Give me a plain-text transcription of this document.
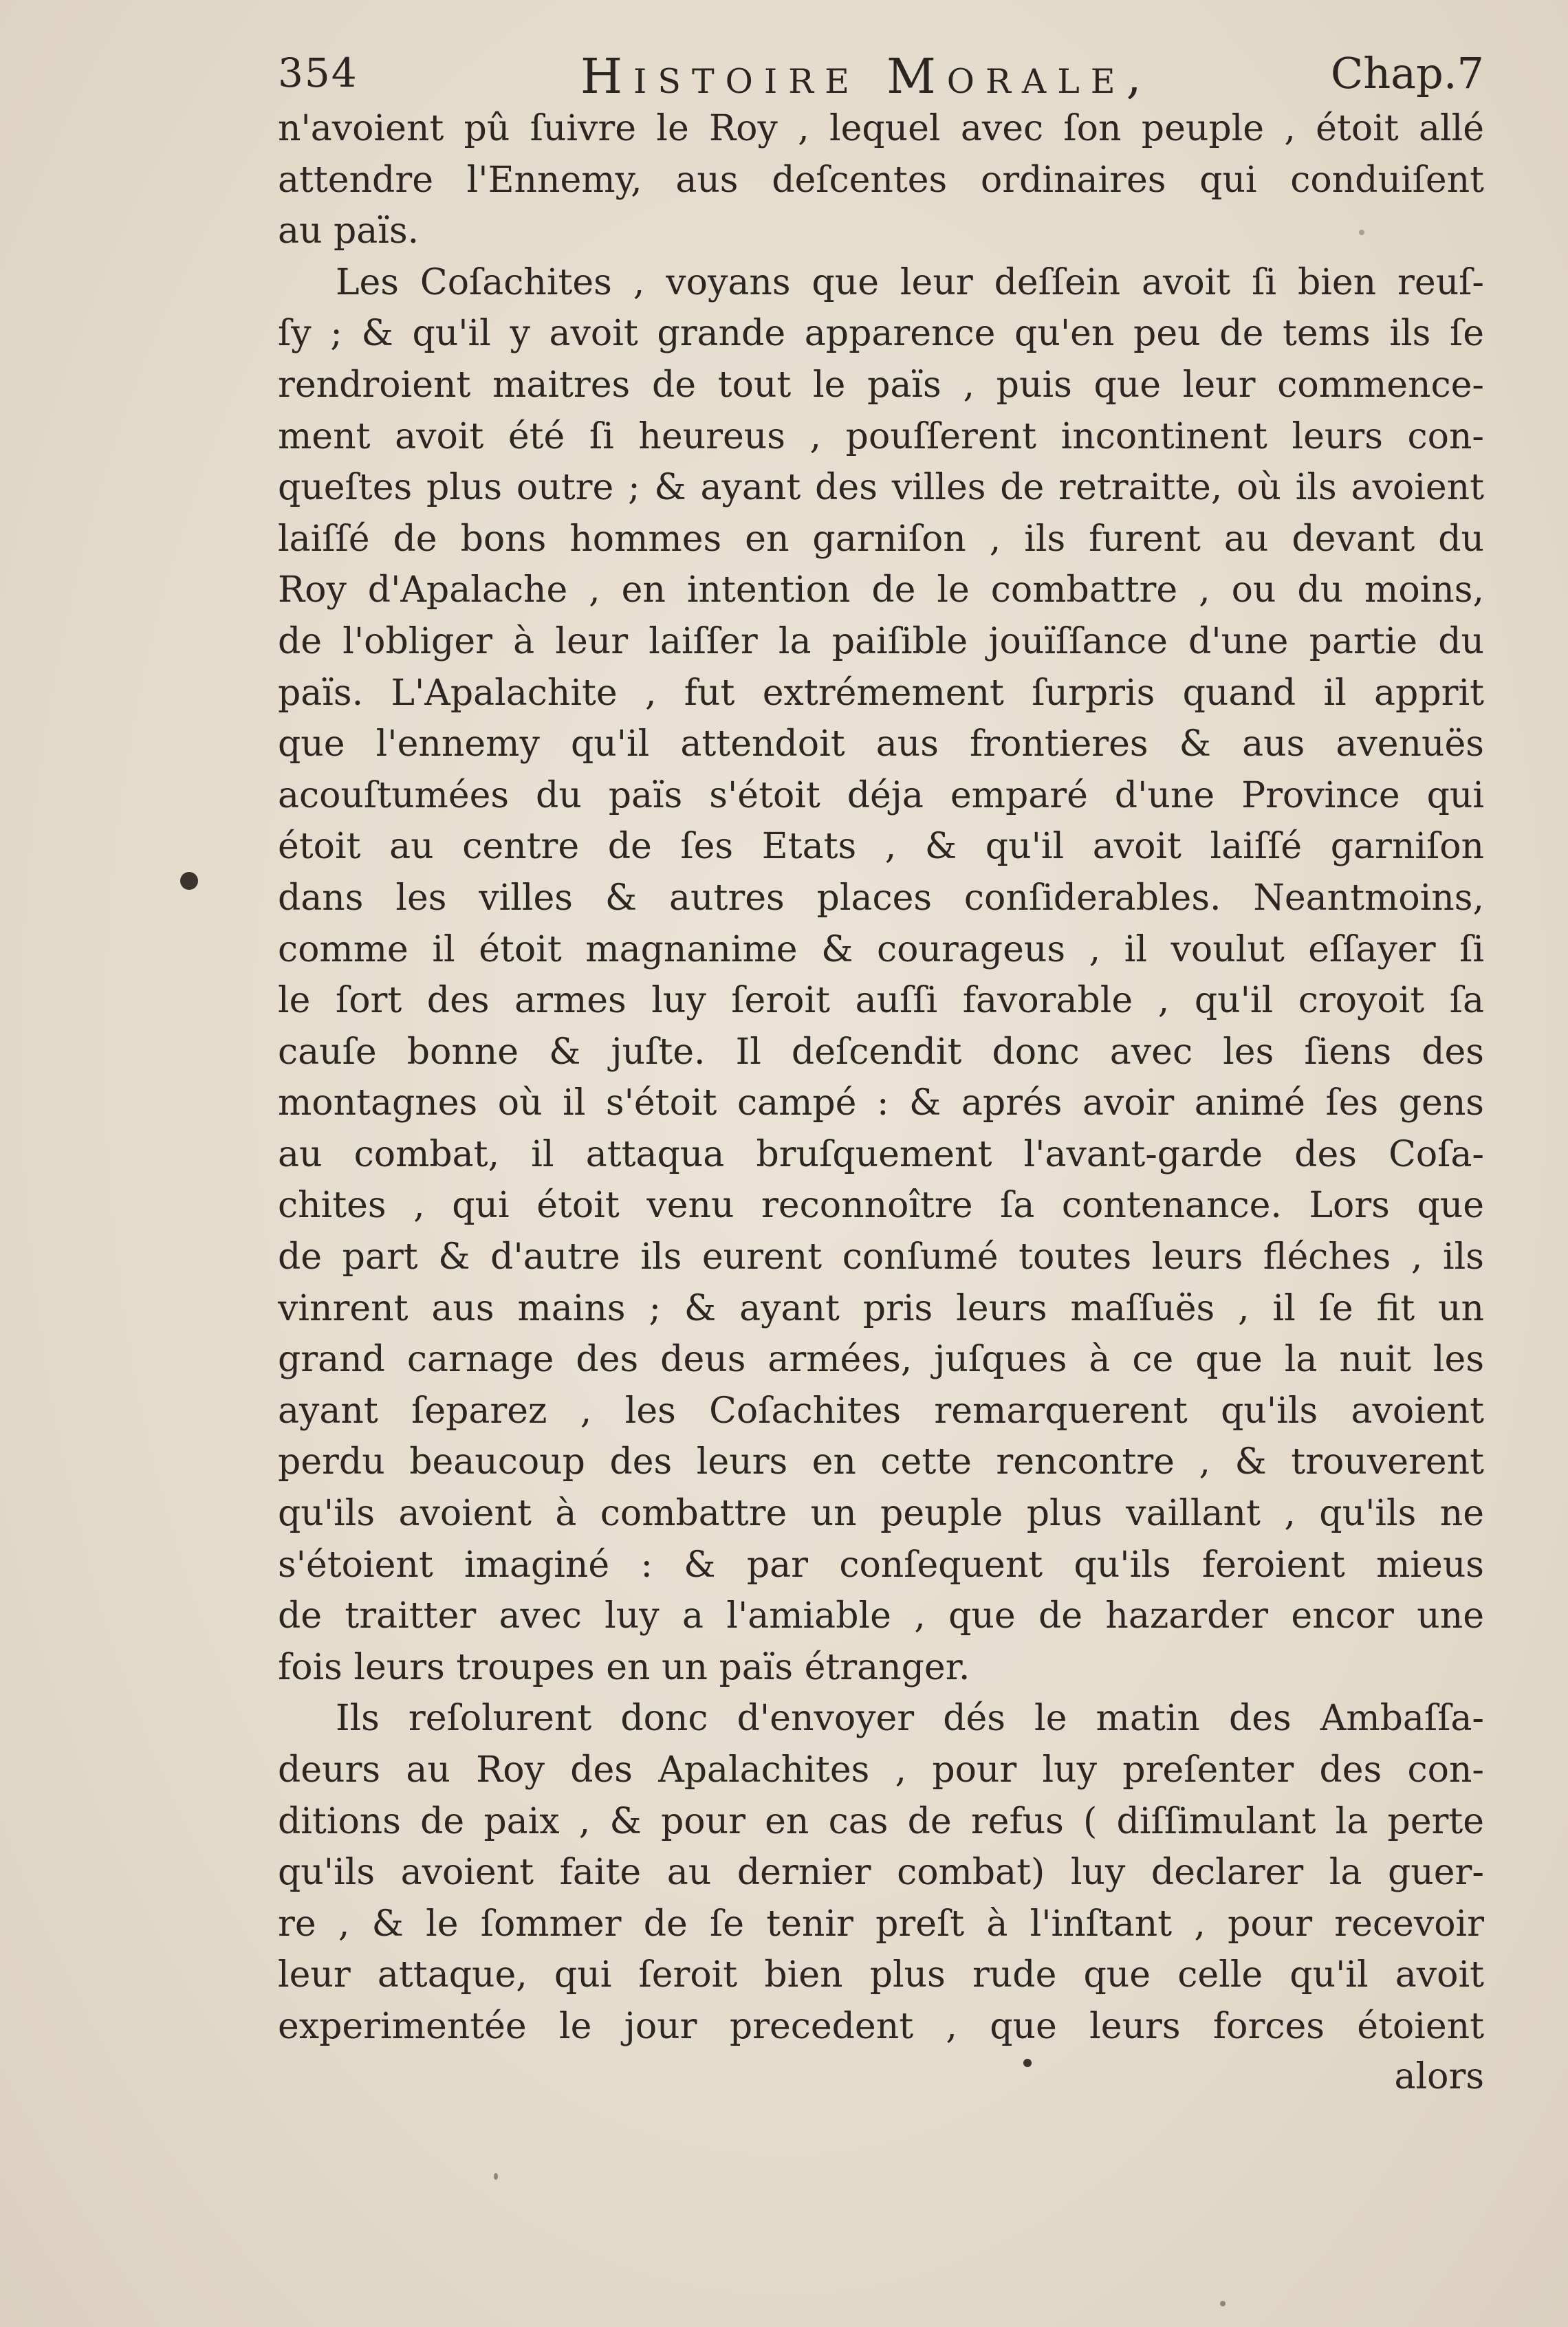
354	Histoire Morale,	Chap.7
n'avoient pû ſuivre le Roy , lequel avec ſon peuple , étoit allé
attendre l'Ennemy, aus deſcentes ordinaires qui conduiſent
au païs.
Les Coſachites , voyans que leur deſſein avoit ſi bien reuſ-
ſy ; & qu'il y avoit grande apparence qu'en peu de tems ils ſe
rendroient maitres de tout le païs , puis que leur commence-
ment avoit été ſi heureus , pouſſerent incontinent leurs con-
queſtes plus outre ; & ayant des villes de retraitte, où ils avoient
laiſſé de bons hommes en garniſon , ils furent au devant du
Roy d'Apalache , en intention de le combattre , ou du moins,
de l'obliger à leur laiſſer la paiſible jouïſſance d'une partie du
païs. L'Apalachite , fut extrémement ſurpris quand il apprit
que l'ennemy qu'il attendoit aus frontieres & aus avenuës
acouſtumées du païs s'étoit déja emparé d'une Province qui
étoit au centre de ſes Etats , & qu'il avoit laiſſé garniſon
dans les villes & autres places conſiderables. Neantmoins,
comme il étoit magnanime & courageus , il voulut eſſayer ſi
le ſort des armes luy ſeroit auſſi favorable , qu'il croyoit ſa
cauſe bonne & juſte. Il deſcendit donc avec les ſiens des
montagnes où il s'étoit campé : & aprés avoir animé ſes gens
au combat, il attaqua bruſquement l'avant-garde des Coſa-
chites , qui étoit venu reconnoître ſa contenance. Lors que
de part & d'autre ils eurent conſumé toutes leurs fléches , ils
vinrent aus mains ; & ayant pris leurs maſſuës , il ſe fit un
grand carnage des deus armées, juſques à ce que la nuit les
ayant ſeparez , les Coſachites remarquerent qu'ils avoient
perdu beaucoup des leurs en cette rencontre , & trouverent
qu'ils avoient à combattre un peuple plus vaillant , qu'ils ne
s'étoient imaginé : & par conſequent qu'ils feroient mieus
de traitter avec luy a l'amiable , que de hazarder encor une
fois leurs troupes en un païs étranger.
Ils reſolurent donc d'envoyer dés le matin des Ambaſſa-
deurs au Roy des Apalachites , pour luy preſenter des con-
ditions de paix , & pour en cas de refus ( diſſimulant la perte
qu'ils avoient faite au dernier combat) luy declarer la guer-
re , & le ſommer de ſe tenir preſt à l'inſtant , pour recevoir
leur attaque, qui ſeroit bien plus rude que celle qu'il avoit
experimentée le jour precedent , que leurs forces étoient
alors
